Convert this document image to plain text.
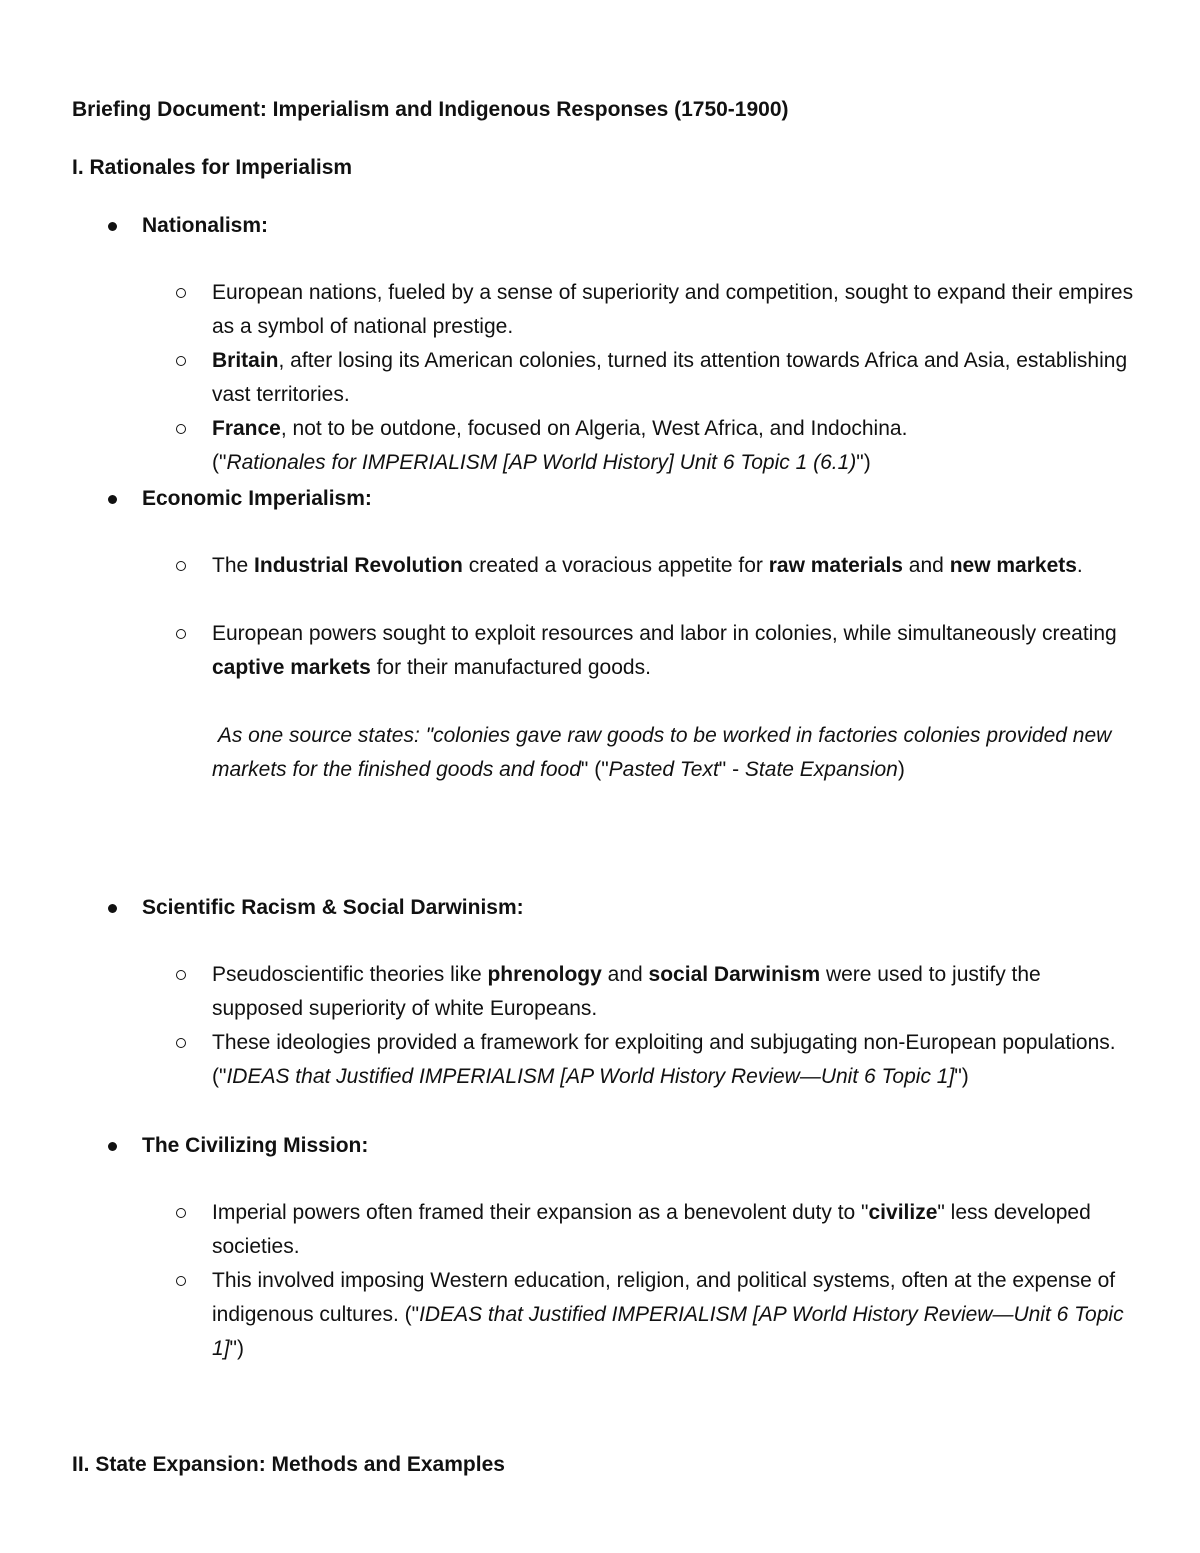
Briefing Document: Imperialism and Indigenous Responses (1750-1900)
I. Rationales for Imperialism
Nationalism:
European nations, fueled by a sense of superiority and competition, sought to expand their empires as a symbol of national prestige.
Britain, after losing its American colonies, turned its attention towards Africa and Asia, establishing vast territories.
France, not to be outdone, focused on Algeria, West Africa, and Indochina.
("Rationales for IMPERIALISM [AP World History] Unit 6 Topic 1 (6.1)")
Economic Imperialism:
The Industrial Revolution created a voracious appetite for raw materials and new markets.
European powers sought to exploit resources and labor in colonies, while simultaneously creating captive markets for their manufactured goods.
As one source states: "colonies gave raw goods to be worked in factories colonies provided new markets for the finished goods and food" ("Pasted Text" - State Expansion)
Scientific Racism & Social Darwinism:
Pseudoscientific theories like phrenology and social Darwinism were used to justify the supposed superiority of white Europeans.
These ideologies provided a framework for exploiting and subjugating non-European populations. ("IDEAS that Justified IMPERIALISM [AP World History Review—Unit 6 Topic 1]")
The Civilizing Mission:
Imperial powers often framed their expansion as a benevolent duty to "civilize" less developed societies.
This involved imposing Western education, religion, and political systems, often at the expense of indigenous cultures. ("IDEAS that Justified IMPERIALISM [AP World History Review—Unit 6 Topic 1]")
II. State Expansion: Methods and Examples
